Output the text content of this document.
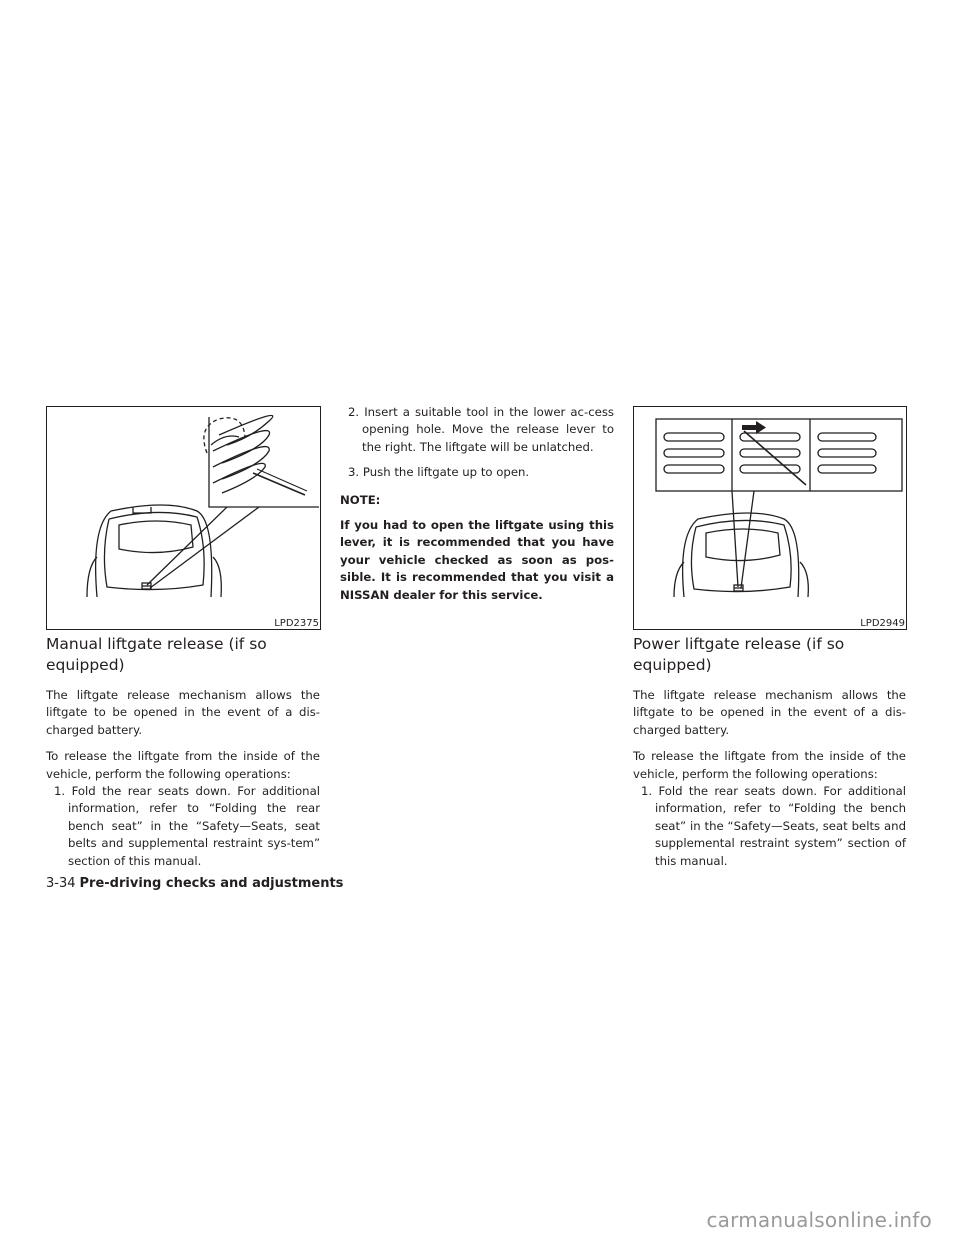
LPD2375
Manual liftgate release (if so equipped)

The liftgate release mechanism allows the liftgate to be opened in the event of a dis-charged battery.

To release the liftgate from the inside of the vehicle, perform the following operations:

1. Fold the rear seats down. For additional information, refer to “Folding the rear bench seat” in the “Safety—Seats, seat belts and supplemental restraint sys-tem” section of this manual.
2. Insert a suitable tool in the lower ac-cess opening hole. Move the release lever to the right. The liftgate will be unlatched.
3. Push the liftgate up to open.
NOTE:
If you had to open the liftgate using this lever, it is recommended that you have your vehicle checked as soon as pos-sible. It is recommended that you visit a NISSAN dealer for this service.
LPD2949
Power liftgate release (if so equipped)

The liftgate release mechanism allows the liftgate to be opened in the event of a dis-charged battery.

To release the liftgate from the inside of the vehicle, perform the following operations:

1. Fold the rear seats down. For additional information, refer to “Folding the bench seat” in the “Safety—Seats, seat belts and supplemental restraint system” section of this manual.
3-34 Pre-driving checks and adjustments
carmanualsonline.info
